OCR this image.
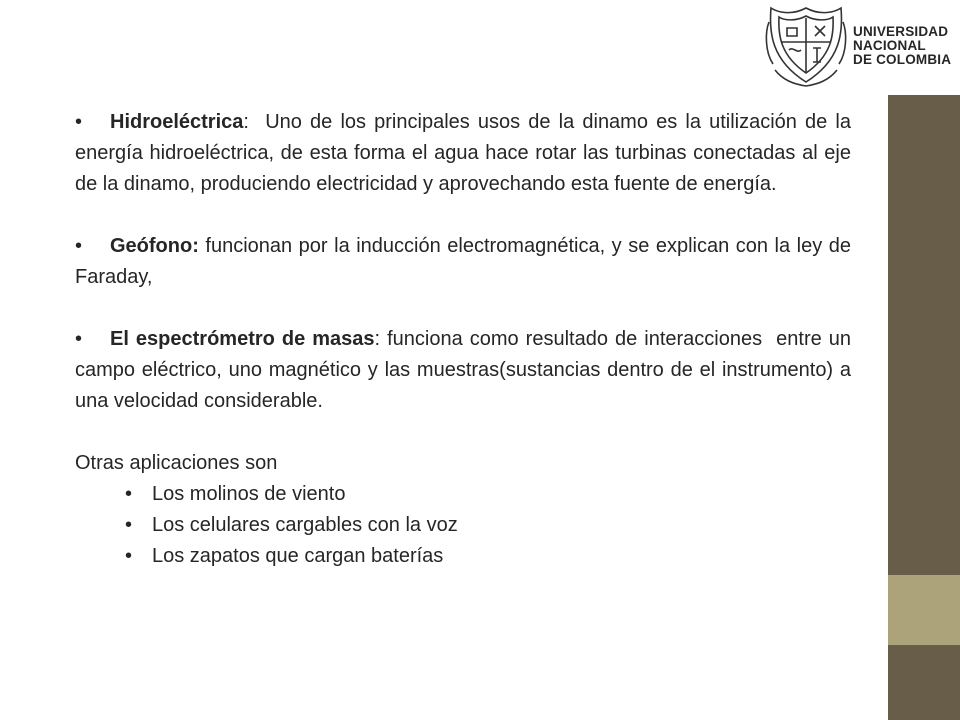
UNIVERSIDAD
NACIONAL
DE COLOMBIA

• Hidroeléctrica:  Uno de los principales usos de la dinamo es la utilización de la energía hidroeléctrica, de esta forma el agua hace rotar las turbinas conectadas al eje de la dinamo, produciendo electricidad y aprovechando esta fuente de energía.

• Geófono: funcionan por la inducción electromagnética, y se explican con la ley de Faraday,

• El espectrómetro de masas: funciona como resultado de interacciones  entre un campo eléctrico, uno magnético y las muestras(sustancias dentro de el instrumento) a una velocidad considerable.

Otras aplicaciones son

• Los molinos de viento
• Los celulares cargables con la voz
• Los zapatos que cargan baterías
